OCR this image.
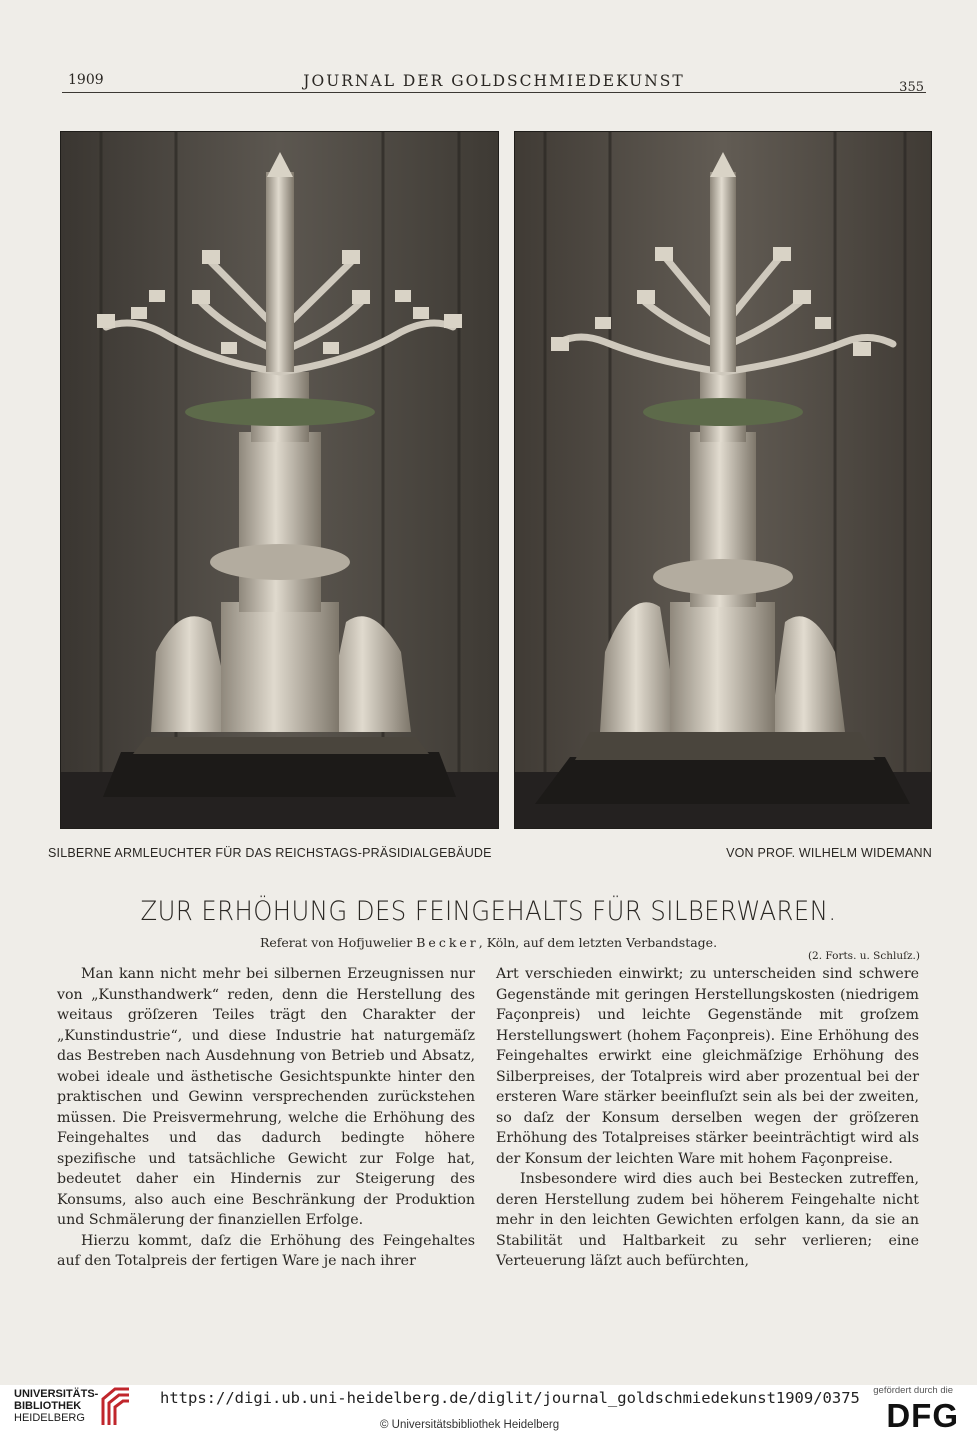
1909	JOURNAL DER GOLDSCHMIEDEKUNST	355
SILBERNE ARMLEUCHTER FÜR DAS REICHSTAGS-PRÄSIDIALGEBÄUDE	VON PROF. WILHELM WIDEMANN
ZUR ERHÖHUNG DES FEINGEHALTS FÜR SILBERWAREN.
Referat von Hofjuwelier Becker, Köln, auf dem letzten Verbandstage.
(2. Forts. u. Schluſz.)

Man kann nicht mehr bei silbernen Erzeugnissen nur von „Kunsthandwerk“ reden, denn die Herstellung des weitaus gröſzeren Teiles trägt den Charakter der „Kunstindustrie“, und diese Industrie hat naturgemäſz das Bestreben nach Ausdehnung von Betrieb und Absatz, wobei ideale und ästhetische Gesichtspunkte hinter den praktischen und Gewinn versprechenden zurückstehen müssen. Die Preisvermehrung, welche die Erhöhung des Feingehaltes und das dadurch bedingte höhere spezifische und tatsächliche Gewicht zur Folge hat, bedeutet daher ein Hindernis zur Steigerung des Konsums, also auch eine Beschränkung der Produktion und Schmälerung der finanziellen Erfolge.

Hierzu kommt, daſz die Erhöhung des Feingehaltes auf den Totalpreis der fertigen Ware je nach ihrer

Art verschieden einwirkt; zu unterscheiden sind schwere Gegenstände mit geringen Herstellungskosten (niedrigem Façonpreis) und leichte Gegenstände mit groſzem Herstellungswert (hohem Façonpreis). Eine Erhöhung des Feingehaltes erwirkt eine gleichmäſzige Erhöhung des Silberpreises, der Totalpreis wird aber prozentual bei der ersteren Ware stärker beeinfluſzt sein als bei der zweiten, so daſz der Konsum derselben wegen der gröſzeren Erhöhung des Totalpreises stärker beeinträchtigt wird als der Konsum der leichten Ware mit hohem Façonpreise.

Insbesondere wird dies auch bei Bestecken zutreffen, deren Herstellung zudem bei höherem Feingehalte nicht mehr in den leichten Gewichten erfolgen kann, da sie an Stabilität und Haltbarkeit zu sehr verlieren; eine Verteuerung läſzt auch befürchten,

UNIVERSITÄTS-
BIBLIOTHEK
HEIDELBERG
https://digi.ub.uni-heidelberg.de/diglit/journal_goldschmiedekunst1909/0375
© Universitätsbibliothek Heidelberg
gefördert durch die
DFG
